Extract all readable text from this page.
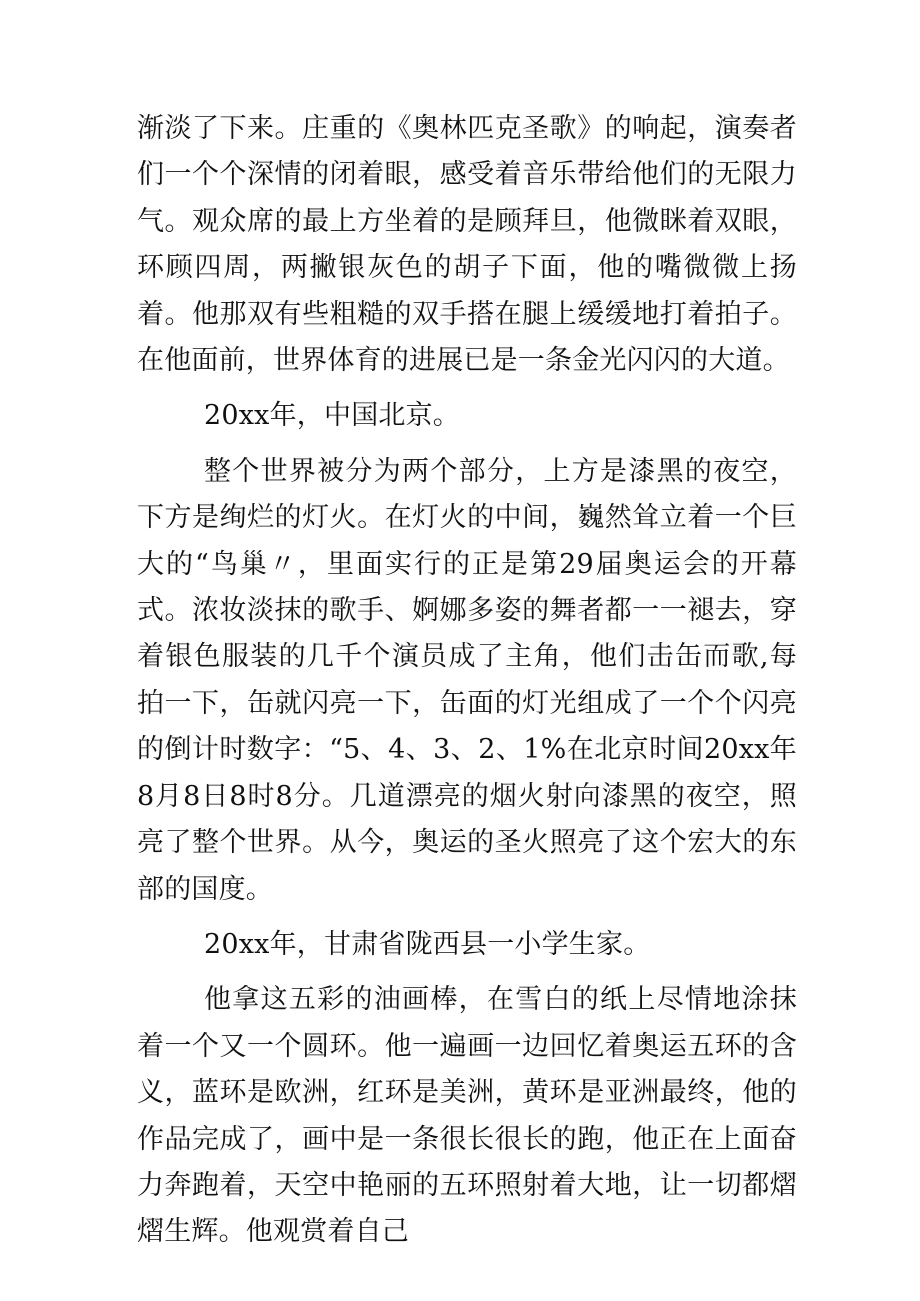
渐淡了下来。庄重的《奥林匹克圣歌》的响起，演奏者们一个个深情的闭着眼，感受着音乐带给他们的无限力气。观众席的最上方坐着的是顾拜旦，他微眯着双眼，环顾四周，两撇银灰色的胡子下面，他的嘴微微上扬着。他那双有些粗糙的双手搭在腿上缓缓地打着拍子。在他面前，世界体育的进展已是一条金光闪闪的大道。

20xx年，中国北京。

整个世界被分为两个部分，上方是漆黑的夜空，下方是绚烂的灯火。在灯火的中间，巍然耸立着一个巨大的“鸟巢〃，里面实行的正是第29届奥运会的开幕式。浓妆淡抹的歌手、婀娜多姿的舞者都一一褪去，穿着银色服装的几千个演员成了主角，他们击缶而歌,每拍一下，缶就闪亮一下，缶面的灯光组成了一个个闪亮的倒计时数字：“5、4、3、2、1%在北京时间20xx年8月8日8时8分。几道漂亮的烟火射向漆黑的夜空，照亮了整个世界。从今，奥运的圣火照亮了这个宏大的东部的国度。

20xx年，甘肃省陇西县一小学生家。

他拿这五彩的油画棒，在雪白的纸上尽情地涂抹着一个又一个圆环。他一遍画一边回忆着奥运五环的含义，蓝环是欧洲，红环是美洲，黄环是亚洲最终，他的作品完成了，画中是一条很长很长的跑，他正在上面奋力奔跑着，天空中艳丽的五环照射着大地，让一切都熠熠生辉。他观赏着自己
